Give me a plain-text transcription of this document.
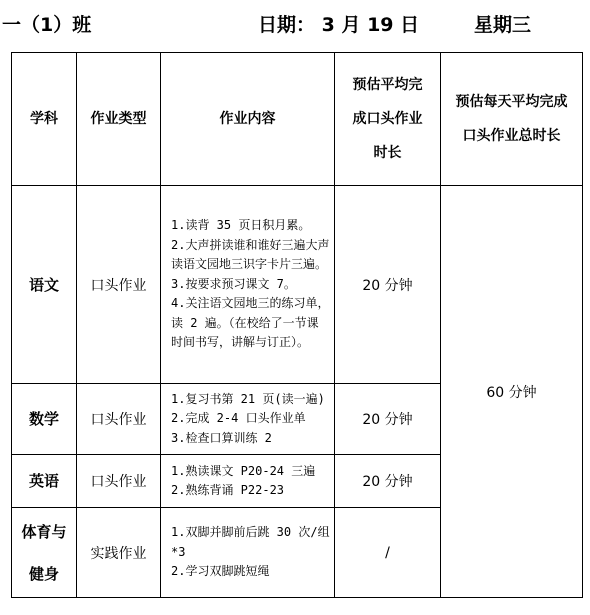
一（1）班	日期： 3 月 19 日	星期三
学科	作业类型	作业内容	预估平均完
成口头作业
时长	预估每天平均完成
口头作业总时长
语文	口头作业	1.读背 35 页日积月累。
2.大声拼读谁和谁好三遍大声读语文园地三识字卡片三遍。
3.按要求预习课文 7。
4.关注语文园地三的练习单，读 2 遍。（在校给了一节课时间书写，讲解与订正）。	20 分钟	60 分钟
数学	口头作业	1.复习书第 21 页(读一遍)
2.完成 2-4 口头作业单
3.检查口算训练 2	20 分钟	
英语	口头作业	1.熟读课文 P20-24 三遍
2.熟练背诵 P22-23	20 分钟	
体育与
健身	实践作业	1.双脚并脚前后跳 30 次/组*3
2.学习双脚跳短绳	/	
